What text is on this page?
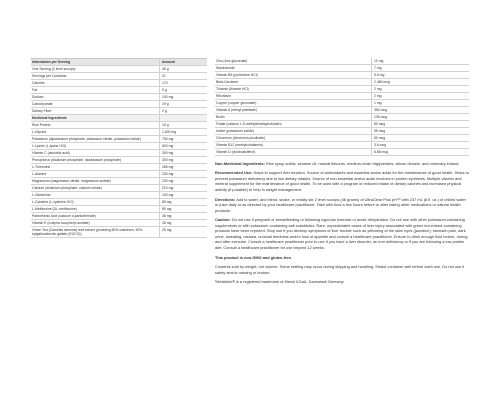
Information per Serving	Amount
One Serving (2 level scoops)	46 g
Servings per Container	21
Calories	170
Fat	5 g
Sodium	100 mg
Carbohydrate	19 g
Dietary Fibre	2 g
Medicinal Ingredients	
Rice Protein	15 g
L-Glycine	1,600 mg
Potassium (dipotassium phosphate, potassium citrate, potassium iodide)	750 mg
L-Lysine (L-lysine HCl)	600 mg
Vitamin C (ascorbic acid)	300 mg
Phosphorus (dicalcium phosphate, dipotassium phosphate)	300 mg
L-Threonine	285 mg
L-Alanine	230 mg
Magnesium (magnesium citrate, magnesium sulfate)	230 mg
Calcium (dicalcium phosphate, calcium citrate)	210 mg
L-Glutamine	100 mg
L-Cysteine (L-cysteine HCl)	85 mg
L-Methionine (DL-methionine)	85 mg
Pantothenic Acid (calcium d-pantothenate)	36 mg
Vitamin E (d-alpha tocopheryl acetate)	28 mg
Green Tea (Camellia sinensis) leaf extract (providing 60% catechins, 40% epigallocatechin gallate (EGCG))	25 mg
Zinc (zinc gluconate)	10 mg
Niacinamide	7 mg
Vitamin B6 (pyridoxine HCl)	5.6 mg
Beta-Carotene	2,480 mcg
Thiamin (thiamin HCl)	2 mg
Riboflavin	2 mg
Copper (copper gluconate)	1 mg
Vitamin A (retinyl palmitate)	350 mcg
Biotin	135 mcg
Folate (calcium L-5-methyltetrahydrofolate)¹	80 mcg
Iodine (potassium iodide)	55 mcg
Chromium (chromium picolinate)	50 mcg
Vitamin B12 (methylcobalamin)	3.6 mcg
Vitamin D (cholecalciferol)	6.88 mcg

Non-Medicinal Ingredients: Rice syrup solids, sesame oil, natural flavours, medium-chain triglycerides, silicon dioxide, and rosemary extract.

Recommended Use: Helps to support liver function. Source of antioxidants and essential amino acids for the maintenance of good health. Helps to prevent potassium deficiency due to low dietary intakes. Source of non-essential amino acids involved in protein synthesis. Multiple-vitamin and mineral supplement for the maintenance of good health. To be used with a program of reduced intake of dietary calories and increased physical activity (if possible) to help in weight management.

Directions: Add to water, and blend, shake, or briskly stir 2 level scoops (46 grams) of UltraClear Plus pH™ with 237 mL (8 fl. oz.) of chilled water or juice daily or as directed by your healthcare practitioner. Take with food a few hours before or after taking other medications or natural health products.

Caution: Do not use if pregnant or breastfeeding or following vigorous exercise or acute dehydration. Do not use with other potassium-containing supplements or with potassium-containing salt substitutes. Rare, unpredictable cases of liver injury associated with green tea extract-containing products have been reported. Stop use if you develop symptoms of liver trouble such as yellowing of the skin/ eyes (jaundice), stomach pain, dark urine, sweating, nausea, unusual tiredness and/or loss of appetite and consult a healthcare practitioner. Ensure to drink enough fluid before, during, and after exercise. Consult a healthcare practitioner prior to use if you have a liver disorder, an iron deficiency or if you are following a low protein diet. Consult a healthcare practitioner for use beyond 12 weeks.

This product is non-GMO and gluten-free.

Contents sold by weight, not volume. Some settling may occur during shipping and handling. Shake container well before each use. Do not use if safety seal is missing or broken.

¹Metafolin® is a registered trademark of Merck KGaA, Darmstadt Germany
